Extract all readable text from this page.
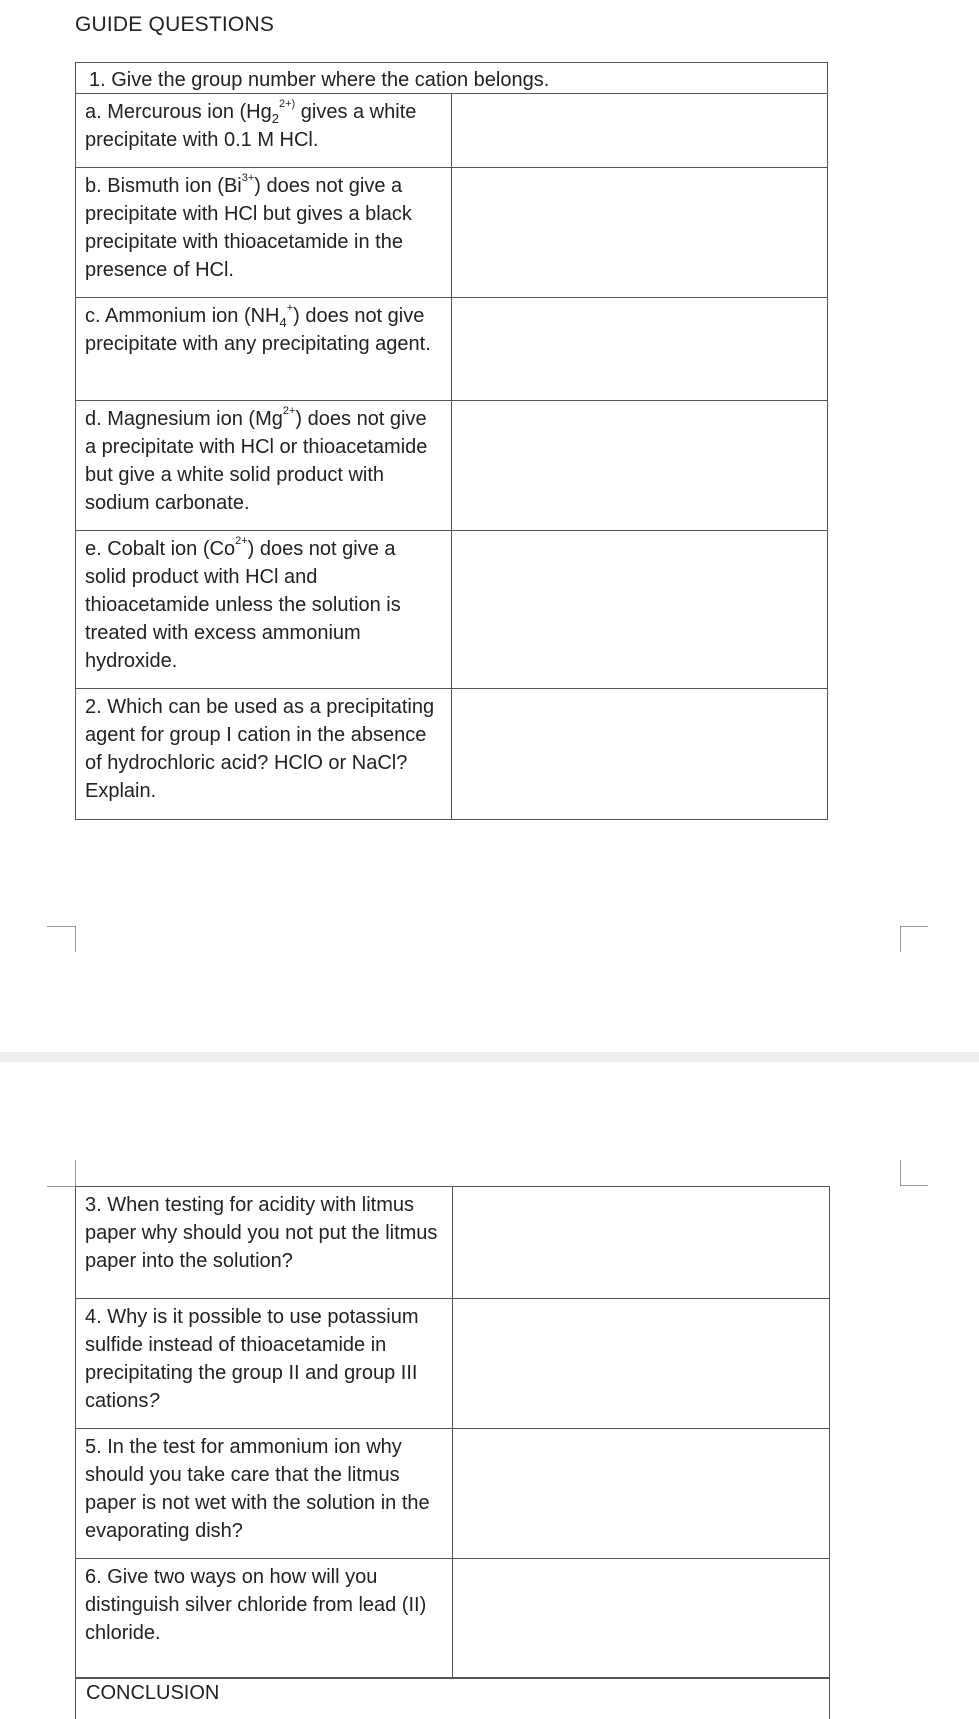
GUIDE QUESTIONS
1. Give the group number where the cation belongs.	
a. Mercurous ion ($Hg_2^{2+)}$ gives a white precipitate with 0.1 M HCl.	
b. Bismuth ion $(Bi^{3+})$ does not give a precipitate with HCl but gives a black precipitate with thioacetamide in the presence of HCl.	
c. Ammonium ion $(NH_4^+)$ does not give precipitate with any precipitating agent.	
d. Magnesium ion $(Mg^{2+})$ does not give a precipitate with HCl or thioacetamide but give a white solid product with sodium carbonate.	
e. Cobalt ion $(Co^{2+})$ does not give a solid product with HCl and thioacetamide unless the solution is treated with excess ammonium hydroxide.	
2. Which can be used as a precipitating agent for group I cation in the absence of hydrochloric acid? HClO or NaCl? Explain.	
3. When testing for acidity with litmus paper why should you not put the litmus paper into the solution?	
4. Why is it possible to use potassium sulfide instead of thioacetamide in precipitating the group II and group III cations?	
5. In the test for ammonium ion why should you take care that the litmus paper is not wet with the solution in the evaporating dish?	
6. Give two ways on how will you distinguish silver chloride from lead (II) chloride.	
CONCLUSION
